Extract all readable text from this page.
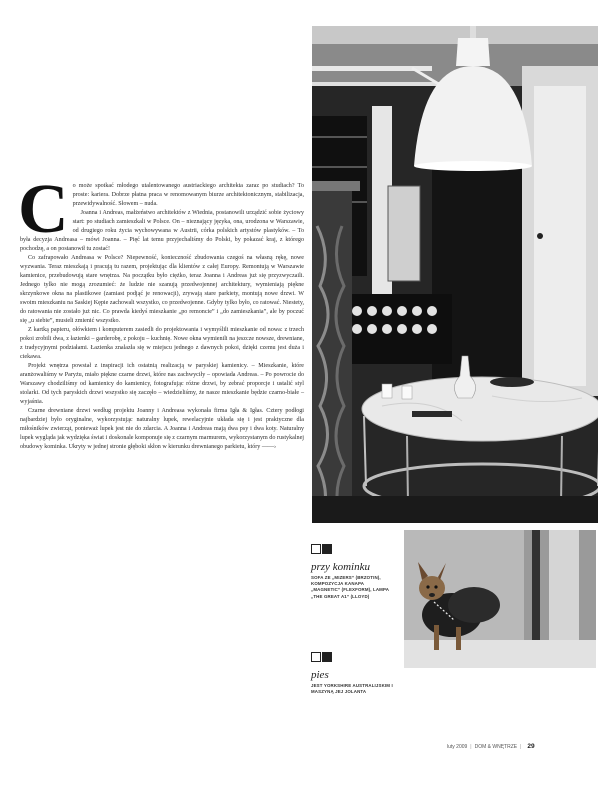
C o może spotkać młodego utalentowanego austriackiego architekta zaraz po studiach? To proste: kariera. Dobrze płatna praca w renomowanym biurze architektonicznym, stabilizacja, przewidywalność. Słowem – nuda.

Joanna i Andreas, małżeństwo architektów z Wiednia, postanowili urządzić sobie życiowy start: po studiach zamieszkali w Polsce. On – nieznający języka, ona, urodzona w Warszawie, od drugiego roku życia wychowywana w Austrii, córka polskich artystów plastyków. – To była decyzja Andreasa – mówi Joanna. – Pięć lat temu przyjechaliśmy do Polski, by pokazać kraj, z którego pochodzę, a on postanowił tu zostać!

Co zafrapowało Andreasa w Polsce? Niepewność, konieczność zbudowania czegoś na własną rękę, nowe wyzwania. Teraz mieszkają i pracują tu razem, projektując dla klientów z całej Europy. Remontują w Warszawie kamienice, przebudowują stare wnętrza. Na początku było ciężko, teraz Joanna i Andreas już się przyzwyczaili. Jednego tylko nie mogą zrozumieć: że ludzie nie szanują przedwojennej architektury, wymieniają piękne skrzynkowe okna na plastikowe (zamiast podjąć je renowacji), zrywają stare parkiety, montują nowe drzwi. W swoim mieszkaniu na Saskiej Kępie zachowali wszystko, co przedwojenne. Gdyby tylko było, co ratować. Niestety, do ratowania nie zostało już nic. Co prawda kiedyś mieszkanie „po remoncie” i „do zamieszkania”, ale by poczuć się „u siebie”, musieli zmienić wszystko.

Z kartką papieru, ołówkiem i komputerem zasiedli do projektowania i wymyślili mieszkanie od nowa: z trzech pokoi zrobili dwa, z łazienki – garderobę, z pokoju – kuchnię. Nowe okna wymienili na jeszcze nowsze, drewniane, z tradycyjnymi podziałami. Łazienka znalazła się w miejscu jednego z dawnych pokoi, dzięki czemu jest duża i ciekawa.

Projekt wnętrza powstał z inspiracji ich ostatnią realizacją w paryskiej kamienicy. – Mieszkanie, które aranżowaliśmy w Paryżu, miało piękne czarne drzwi, które nas zachwyciły – opowiada Andreas. – Po powrocie do Warszawy chodziliśmy od kamienicy do kamienicy, fotografując różne drzwi, by zebrać proporcje i ustalić styl stolarki. Od tych paryskich drzwi wszystko się zaczęło – wiedzieliśmy, że nasze mieszkanie będzie czarno-białe – wyjaśnia.

Czarne drewniane drzwi według projektu Joanny i Andreasa wykonała firma Igła & Igłas. Cztery podłogi najbardziej było oryginalne, wykorzystując naturalny lupek, rewelacyjnie układa się i jest praktyczne dla miłośników zwierząt, ponieważ lupek jest nie do zdarcia. A Joanna i Andreas mają dwa psy i dwa koty. Naturalny lupek wygląda jak wydzięka świat i doskonale komponuje się z czarnym marmurem, wykorzystanym do rustykalnej obudowy kominka. Ukryty w jednej stronie głęboki skłon w kierunku drewnianego parkietu, który ——›

przy kominku
SOFA ZE „MIZERS” (BRZOTIN), KOMPOZYCJA KANAPA „MAGNETIC” (FLEXFORM), LAMPA „THE GREAT A1” (LLOYD)
pies
JEST YORKSHIRE AUSTRALIJSKIM I MASZYNĄ JEJ JOLANTA
luty 2009 | DOM & WNĘTRZE | 29
